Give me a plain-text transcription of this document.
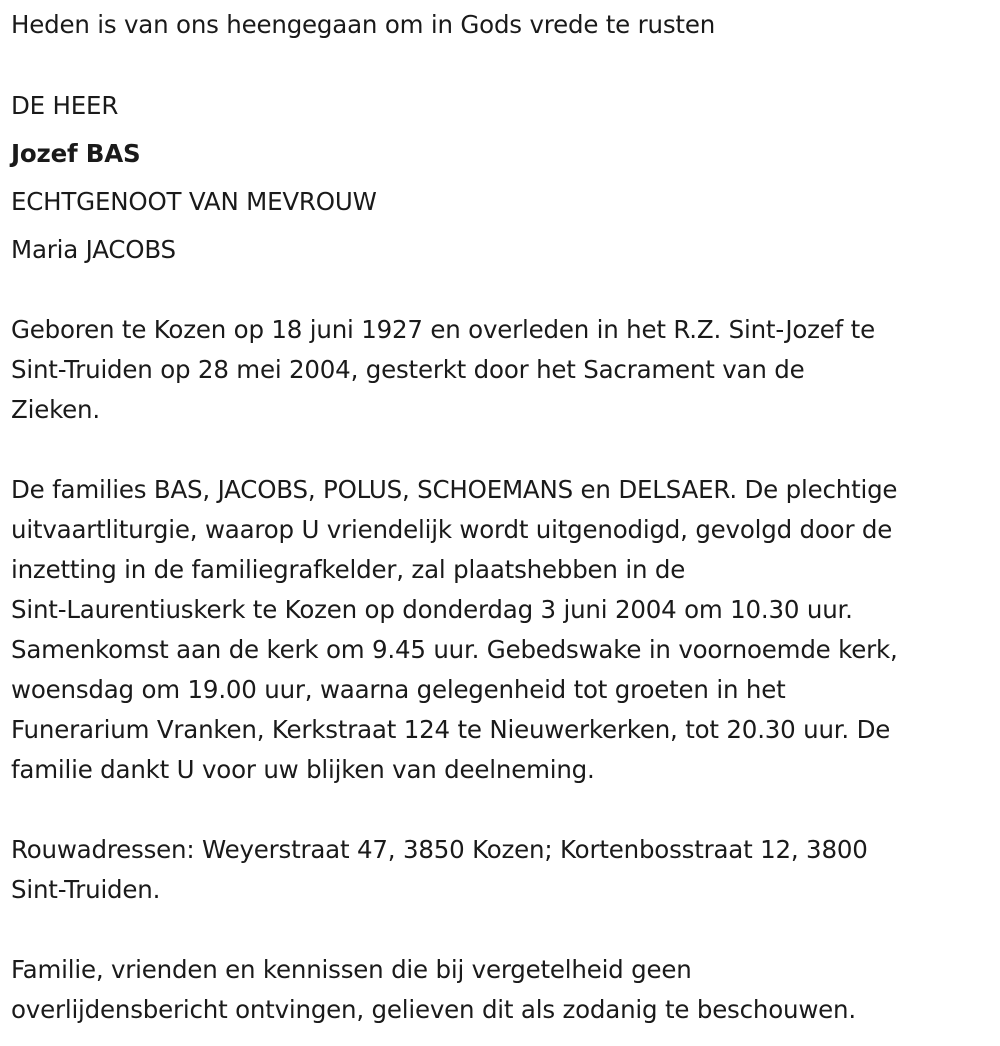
Heden is van ons heengegaan om in Gods vrede te rusten
DE HEER
Jozef BAS
ECHTGENOOT VAN MEVROUW
Maria JACOBS
Geboren te Kozen op 18 juni 1927 en overleden in het R.Z. Sint-Jozef te
Sint-Truiden op 28 mei 2004, gesterkt door het Sacrament van de
Zieken.
De families BAS, JACOBS, POLUS, SCHOEMANS en DELSAER. De plechtige
uitvaartliturgie, waarop U vriendelijk wordt uitgenodigd, gevolgd door de
inzetting in de familiegrafkelder, zal plaatshebben in de
Sint-Laurentiuskerk te Kozen op donderdag 3 juni 2004 om 10.30 uur.
Samenkomst aan de kerk om 9.45 uur. Gebedswake in voornoemde kerk,
woensdag om 19.00 uur, waarna gelegenheid tot groeten in het
Funerarium Vranken, Kerkstraat 124 te Nieuwerkerken, tot 20.30 uur. De
familie dankt U voor uw blijken van deelneming.
Rouwadressen: Weyerstraat 47, 3850 Kozen; Kortenbosstraat 12, 3800
Sint-Truiden.
Familie, vrienden en kennissen die bij vergetelheid geen
overlijdensbericht ontvingen, gelieven dit als zodanig te beschouwen.
